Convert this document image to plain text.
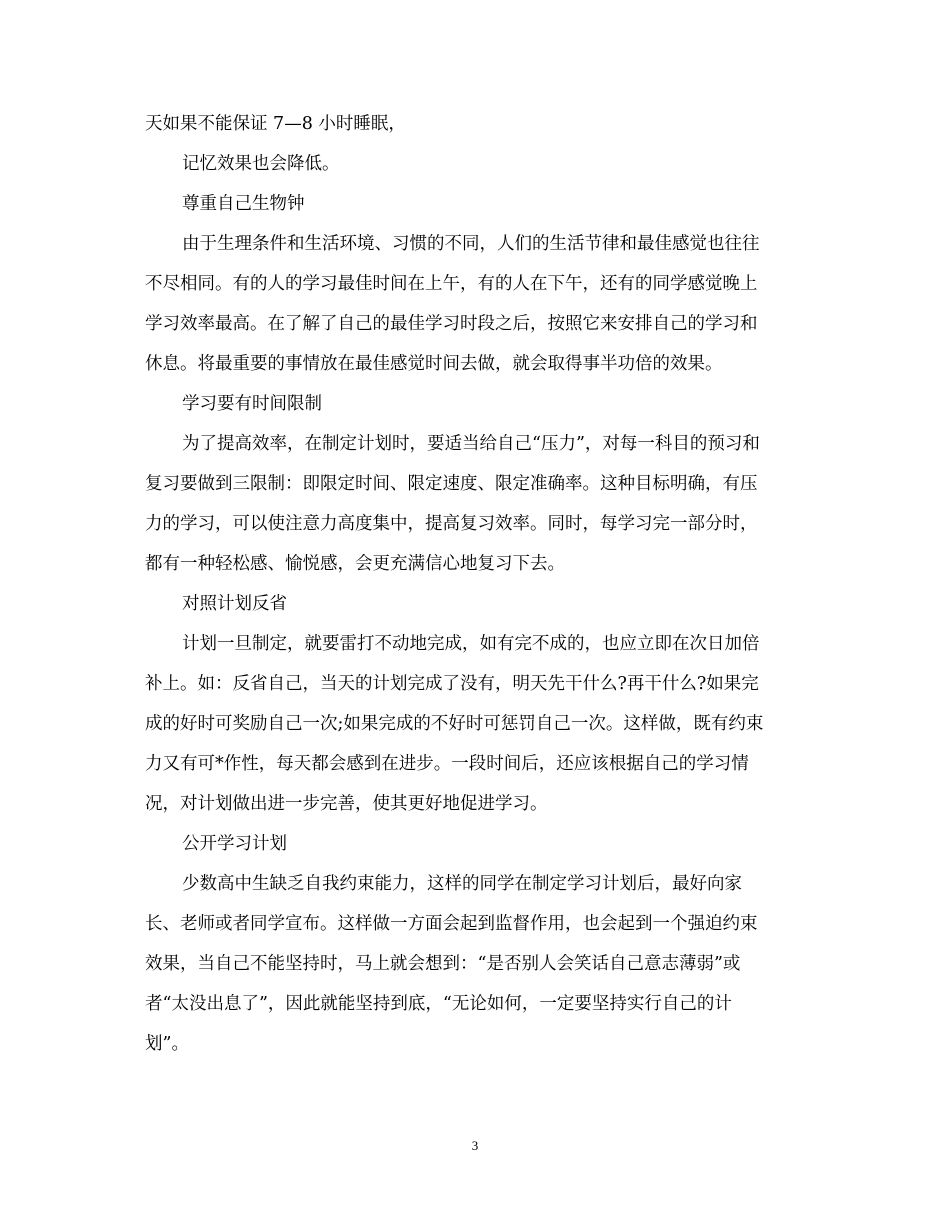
天如果不能保证 7—8 小时睡眠，
记忆效果也会降低。
尊重自己生物钟
由于生理条件和生活环境、习惯的不同，人们的生活节律和最佳感觉也往往
不尽相同。有的人的学习最佳时间在上午，有的人在下午，还有的同学感觉晚上
学习效率最高。在了解了自己的最佳学习时段之后，按照它来安排自己的学习和
休息。将最重要的事情放在最佳感觉时间去做，就会取得事半功倍的效果。
学习要有时间限制
为了提高效率，在制定计划时，要适当给自己“压力”，对每一科目的预习和
复习要做到三限制：即限定时间、限定速度、限定准确率。这种目标明确，有压
力的学习，可以使注意力高度集中，提高复习效率。同时，每学习完一部分时，
都有一种轻松感、愉悦感，会更充满信心地复习下去。
对照计划反省
计划一旦制定，就要雷打不动地完成，如有完不成的，也应立即在次日加倍
补上。如：反省自己，当天的计划完成了没有，明天先干什么?再干什么?如果完
成的好时可奖励自己一次;如果完成的不好时可惩罚自己一次。这样做，既有约束
力又有可*作性，每天都会感到在进步。一段时间后，还应该根据自己的学习情
况，对计划做出进一步完善，使其更好地促进学习。
公开学习计划
少数高中生缺乏自我约束能力，这样的同学在制定学习计划后，最好向家
长、老师或者同学宣布。这样做一方面会起到监督作用，也会起到一个强迫约束
效果，当自己不能坚持时，马上就会想到：“是否别人会笑话自己意志薄弱”或
者“太没出息了”，因此就能坚持到底，“无论如何，一定要坚持实行自己的计
划”。
3
